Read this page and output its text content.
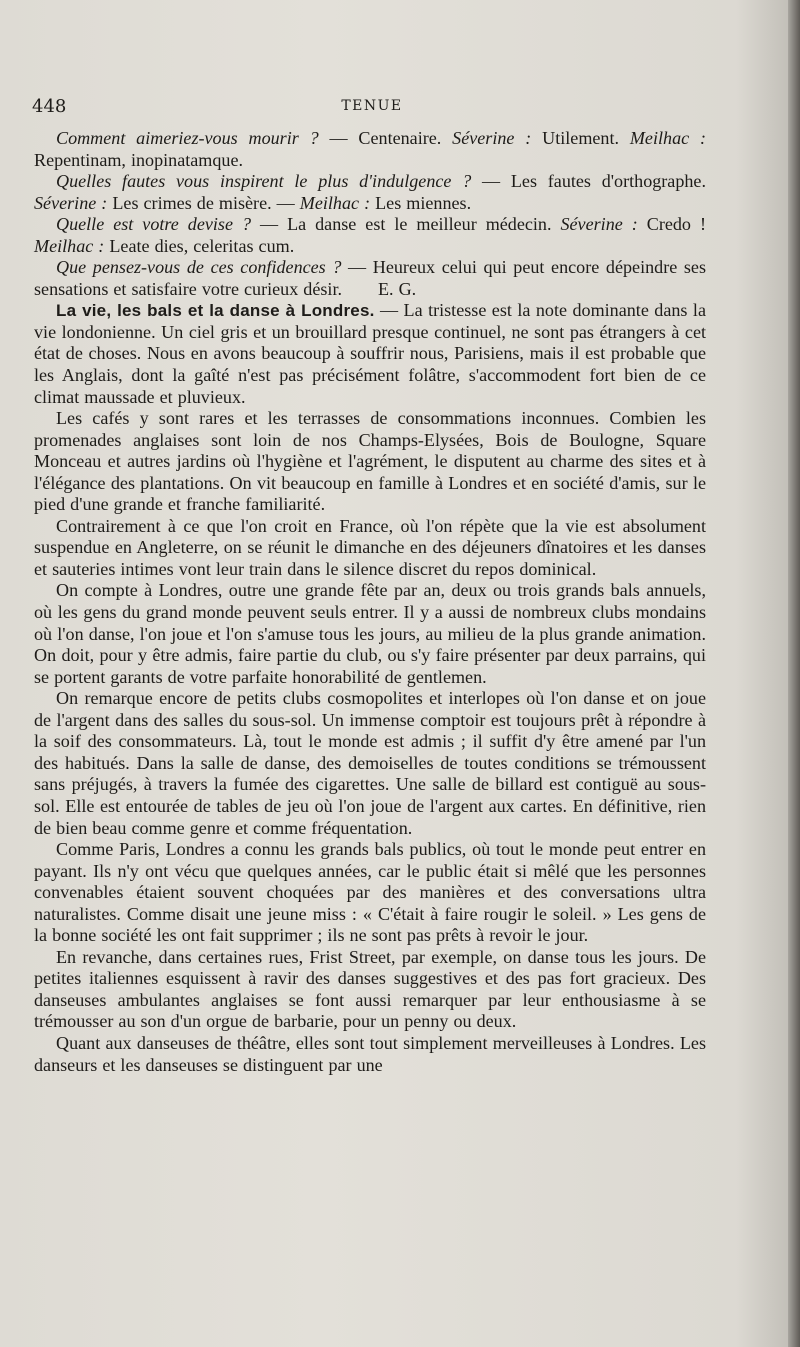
448	TENUE

Comment aimeriez-vous mourir ? — Centenaire. Séverine : Utilement. Meilhac : Repentinam, inopinatamque.

Quelles fautes vous inspirent le plus d'indulgence ? — Les fautes d'orthographe. Séverine : Les crimes de misère. — Meilhac : Les miennes.

Quelle est votre devise ? — La danse est le meilleur médecin. Séverine : Credo ! Meilhac : Leate dies, celeritas cum.

Que pensez-vous de ces confidences ? — Heureux celui qui peut encore dépeindre ses sensations et satisfaire votre curieux désir. E. G.

La vie, les bals et la danse à Londres. — La tristesse est la note dominante dans la vie londonienne. Un ciel gris et un brouillard presque continuel, ne sont pas étrangers à cet état de choses. Nous en avons beaucoup à souffrir nous, Parisiens, mais il est probable que les Anglais, dont la gaîté n'est pas précisément folâtre, s'accommodent fort bien de ce climat maussade et pluvieux.

Les cafés y sont rares et les terrasses de consommations inconnues. Combien les promenades anglaises sont loin de nos Champs-Elysées, Bois de Boulogne, Square Monceau et autres jardins où l'hygiène et l'agrément, le disputent au charme des sites et à l'élégance des plantations. On vit beaucoup en famille à Londres et en société d'amis, sur le pied d'une grande et franche familiarité.

Contrairement à ce que l'on croit en France, où l'on répète que la vie est absolument suspendue en Angleterre, on se réunit le dimanche en des déjeuners dînatoires et les danses et sauteries intimes vont leur train dans le silence discret du repos dominical.

On compte à Londres, outre une grande fête par an, deux ou trois grands bals annuels, où les gens du grand monde peuvent seuls entrer. Il y a aussi de nombreux clubs mondains où l'on danse, l'on joue et l'on s'amuse tous les jours, au milieu de la plus grande animation. On doit, pour y être admis, faire partie du club, ou s'y faire présenter par deux parrains, qui se portent garants de votre parfaite honorabilité de gentlemen.

On remarque encore de petits clubs cosmopolites et interlopes où l'on danse et on joue de l'argent dans des salles du sous-sol. Un immense comptoir est toujours prêt à répondre à la soif des consommateurs. Là, tout le monde est admis ; il suffit d'y être amené par l'un des habitués. Dans la salle de danse, des demoiselles de toutes conditions se trémoussent sans préjugés, à travers la fumée des cigarettes. Une salle de billard est contiguë au sous-sol. Elle est entourée de tables de jeu où l'on joue de l'argent aux cartes. En définitive, rien de bien beau comme genre et comme fréquentation.

Comme Paris, Londres a connu les grands bals publics, où tout le monde peut entrer en payant. Ils n'y ont vécu que quelques années, car le public était si mêlé que les personnes convenables étaient souvent choquées par des manières et des conversations ultra naturalistes. Comme disait une jeune miss : « C'était à faire rougir le soleil. » Les gens de la bonne société les ont fait supprimer ; ils ne sont pas prêts à revoir le jour.

En revanche, dans certaines rues, Frist Street, par exemple, on danse tous les jours. De petites italiennes esquissent à ravir des danses suggestives et des pas fort gracieux. Des danseuses ambulantes anglaises se font aussi remarquer par leur enthousiasme à se trémousser au son d'un orgue de barbarie, pour un penny ou deux.

Quant aux danseuses de théâtre, elles sont tout simplement merveilleuses à Londres. Les danseurs et les danseuses se distinguent par une
